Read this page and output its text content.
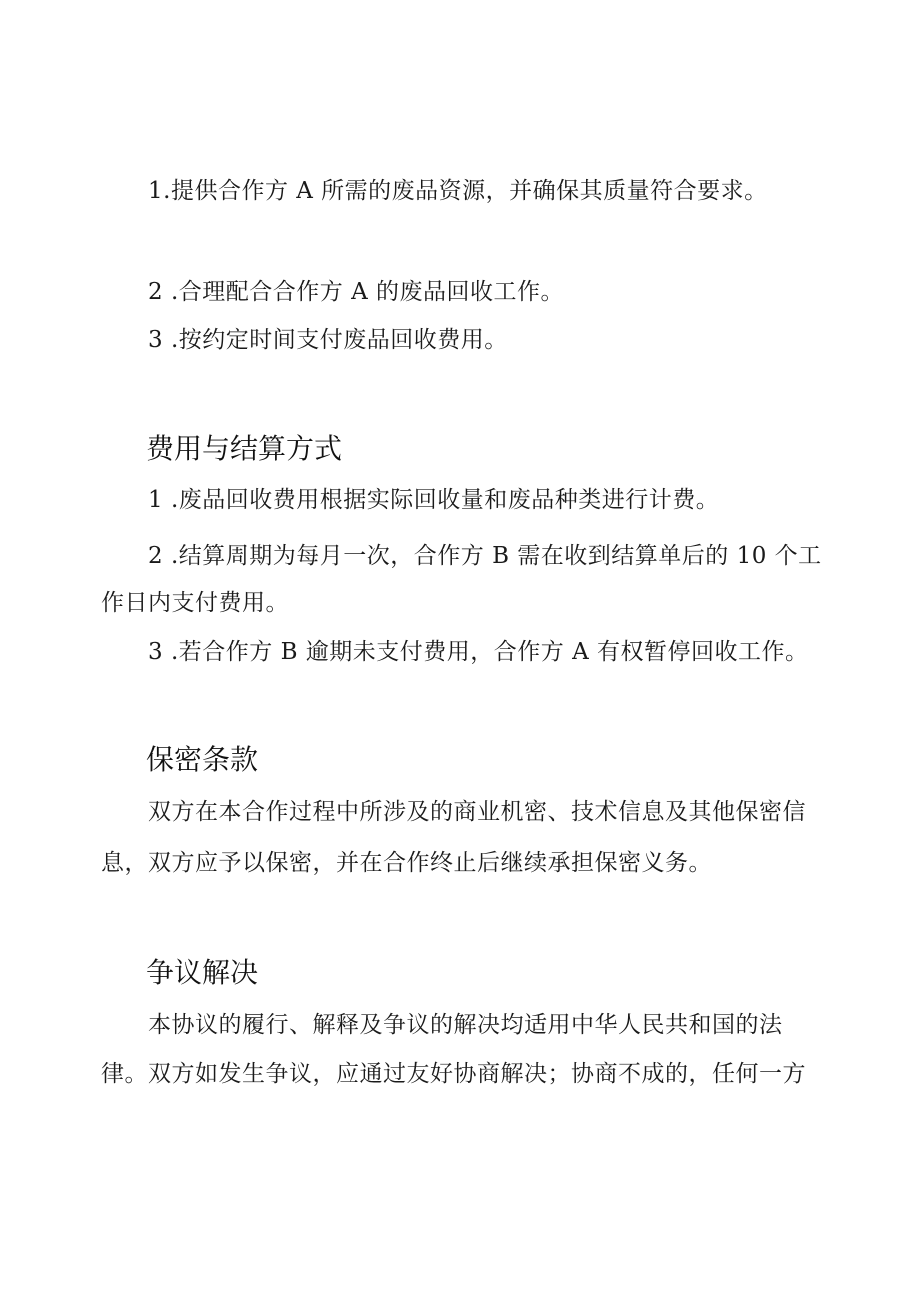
1.提供合作方 A 所需的废品资源，并确保其质量符合要求。
2 .合理配合合作方 A 的废品回收工作。
3 .按约定时间支付废品回收费用。
费用与结算方式
1 .废品回收费用根据实际回收量和废品种类进行计费。
2 .结算周期为每月一次，合作方 B 需在收到结算单后的 10 个工
作日内支付费用。
3 .若合作方 B 逾期未支付费用，合作方 A 有权暂停回收工作。
保密条款
双方在本合作过程中所涉及的商业机密、技术信息及其他保密信
息，双方应予以保密，并在合作终止后继续承担保密义务。
争议解决
本协议的履行、解释及争议的解决均适用中华人民共和国的法
律。双方如发生争议，应通过友好协商解决；协商不成的，任何一方
